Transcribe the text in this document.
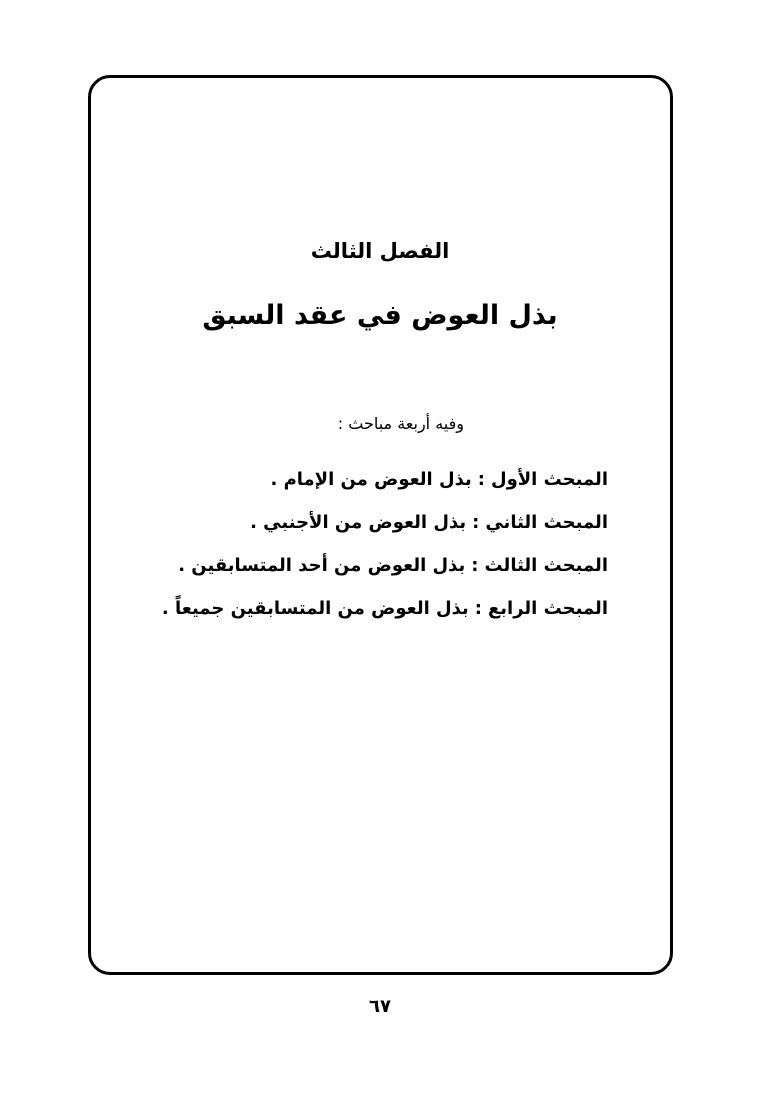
الفصل الثالث
بذل العوض في عقد السبق
وفيه أربعة مباحث :
المبحث الأول:بذل العوض من الإمام .
المبحث الثاني:بذل العوض من الأجنبي .
المبحث الثالث:بذل العوض من أحد المتسابقين .
المبحث الرابع:بذل العوض من المتسابقين جميعاً .
٦٧
